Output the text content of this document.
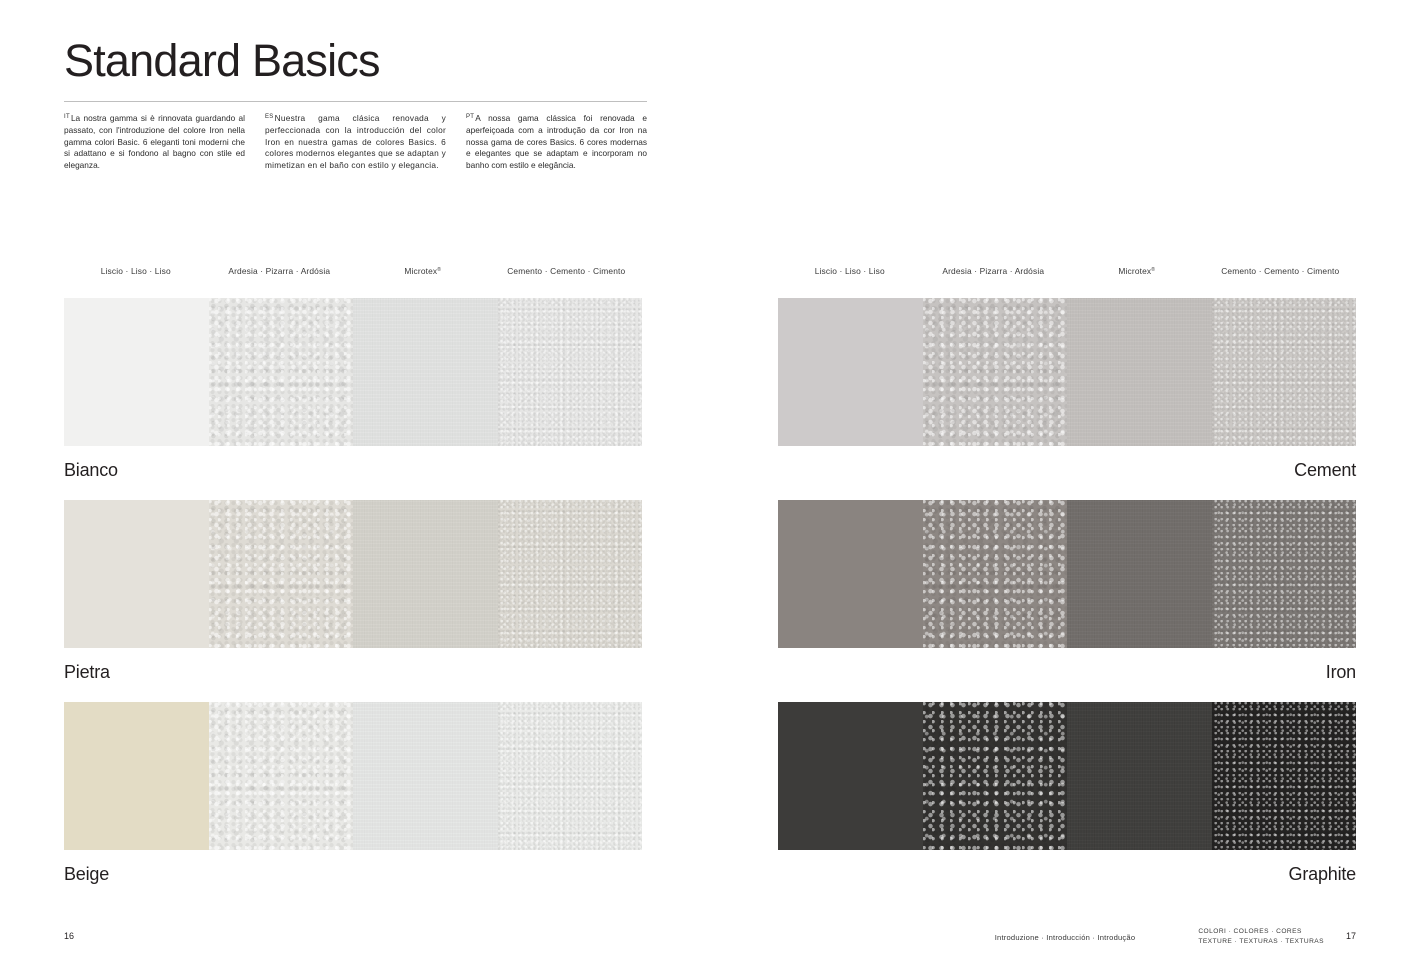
Standard Basics
$^{IT}$La nostra gamma si è rinnovata guardando al passato, con l'introduzione del colore Iron nella gamma colori Basic. 6 eleganti toni moderni che si adattano e si fondono al bagno con stile ed eleganza.
$^{ES}$Nuestra gama clásica renovada y perfeccionada con la introducción del color Iron en nuestra gamas de colores Basics. 6 colores modernos elegantes que se adaptan y mimetizan en el baño con estilo y elegancia.
$^{PT}$A nossa gama clássica foi renovada e aperfeiçoada com a introdução da cor Iron na nossa gama de cores Basics. 6 cores modernas e elegantes que se adaptam e incorporam no banho com estilo e elegância.
Liscio · Liso · Liso	Ardesia · Pizarra · Ardósia	Microtex®	Cemento · Cemento · Cimento
Bianco
Pietra
Beige
16
Liscio · Liso · Liso	Ardesia · Pizarra · Ardósia	Microtex®	Cemento · Cemento · Cimento
Cement
Iron
Graphite
Introduzione · Introducción · Introdução
COLORI · COLORES · CORES
TEXTURE · TEXTURAS · TEXTURAS
17
